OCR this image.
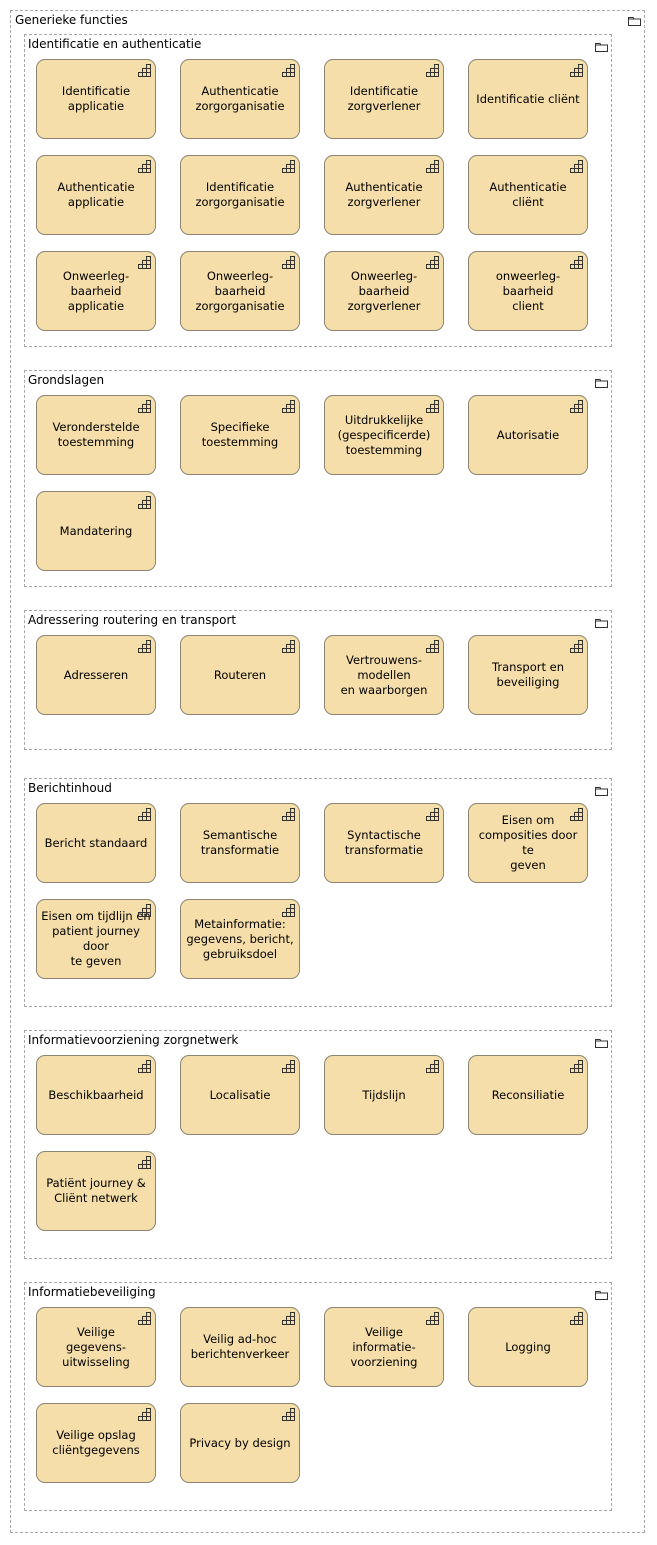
Generieke functies
Identificatie en authenticatie
Identificatie
applicatie
Authenticatie
zorgorganisatie
Identificatie
zorgverlener
Identificatie cliënt
Authenticatie
applicatie
Identificatie
zorgorganisatie
Authenticatie
zorgverlener
Authenticatie cliënt
Onweerleg-
baarheid
applicatie
Onweerleg-
baarheid
zorgorganisatie
Onweerleg-
baarheid
zorgverlener
onweerleg-
baarheid
client
Grondslagen
Veronderstelde
toestemming
Specifieke
toestemming
Uitdrukkelijke
(gespecificerde)
toestemming
Autorisatie
Mandatering
Adressering routering en transport
Adresseren	Routeren
Vertrouwens-
modellen
en waarborgen
Transport en
beveiliging
Berichtinhoud
Bericht standaard
Semantische
transformatie
Syntactische
transformatie
Eisen om
composities door te
geven
Eisen om tijdlijn en
patient journey door
te geven
Metainformatie:
gegevens, bericht,
gebruiksdoel
Informatievoorziening zorgnetwerk
Beschikbaarheid	Localisatie	Tijdslijn	Reconsiliatie
Patiënt journey &
Cliënt netwerk
Informatiebeveiliging
Veilige
gegevens-
uitwisseling
Veilig ad-hoc
berichtenverkeer
Veilige
informatie-
voorziening
Logging
Veilige opslag
cliëntgegevens
Privacy by design
